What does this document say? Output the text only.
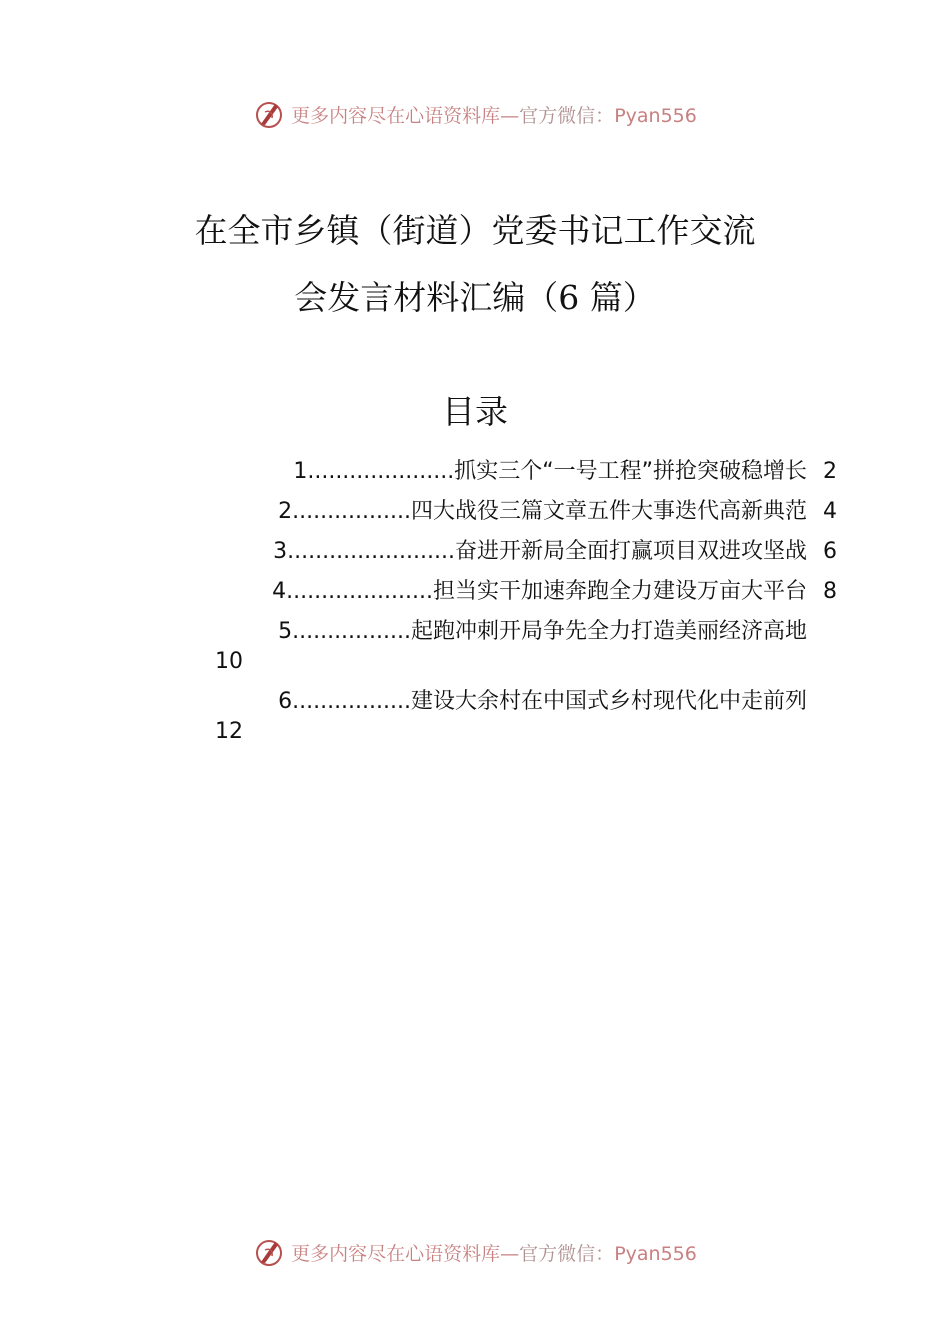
更多内容尽在心语资料库—官方微信：Pyan556
在全市乡镇（街道）党委书记工作交流
会发言材料汇编（6 篇）
目录
1.....................抓实三个“一号工程”拼抢突破稳增长 2
2.................四大战役三篇文章五件大事迭代高新典范 4
3........................奋进开新局全面打赢项目双进攻坚战 6
4.....................担当实干加速奔跑全力建设万亩大平台 8
5.................起跑冲刺开局争先全力打造美丽经济高地
10
6.................建设大余村在中国式乡村现代化中走前列
12
更多内容尽在心语资料库—官方微信：Pyan556
